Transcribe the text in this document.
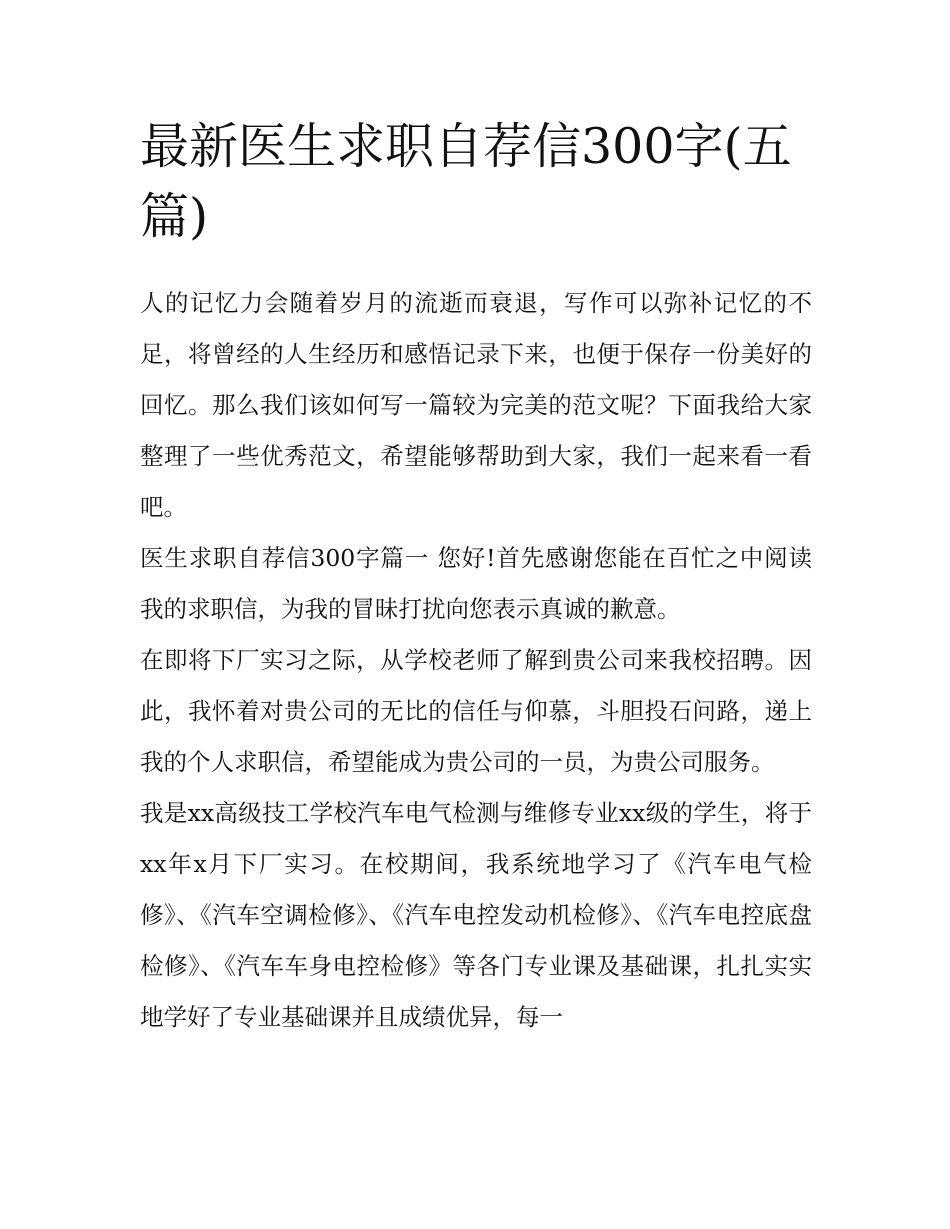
最新医生求职自荐信300字(五篇)

人的记忆力会随着岁月的流逝而衰退，写作可以弥补记忆的不足，将曾经的人生经历和感悟记录下来，也便于保存一份美好的回忆。那么我们该如何写一篇较为完美的范文呢？下面我给大家整理了一些优秀范文，希望能够帮助到大家，我们一起来看一看吧。

医生求职自荐信300字篇一 您好!首先感谢您能在百忙之中阅读我的求职信，为我的冒昧打扰向您表示真诚的歉意。

在即将下厂实习之际，从学校老师了解到贵公司来我校招聘。因此，我怀着对贵公司的无比的信任与仰慕，斗胆投石问路，递上我的个人求职信，希望能成为贵公司的一员，为贵公司服务。

我是xx高级技工学校汽车电气检测与维修专业xx级的学生，将于xx年x月下厂实习。在校期间，我系统地学习了《汽车电气检修》、《汽车空调检修》、《汽车电控发动机检修》、《汽车电控底盘检修》、《汽车车身电控检修》等各门专业课及基础课，扎扎实实地学好了专业基础课并且成绩优异，每一
